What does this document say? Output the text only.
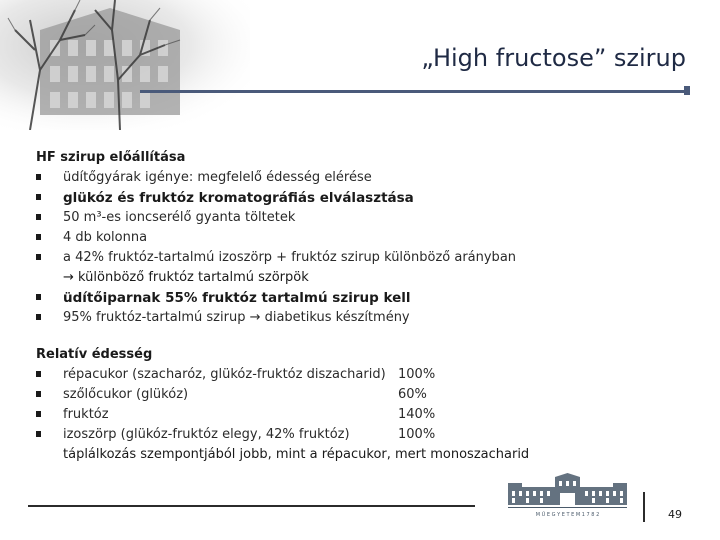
„High fructose” szirup
HF szirup előállítása
üdítőgyárak igénye: megfelelő édesség elérése
glükóz és fruktóz kromatográfiás elválasztása
50 m³-es ioncserélő gyanta töltetek
4 db kolonna
a 42% fruktóz-tartalmú izoszörp + fruktóz szirup különböző arányban
→ különböző fruktóz tartalmú szörpök
üdítőiparnak 55% fruktóz tartalmú szirup kell
95% fruktóz-tartalmú szirup → diabetikus készítmény
Relatív édesség
répacukor (szacharóz, glükóz-fruktóz diszacharid) 100%
szőlőcukor (glükóz)	60%
fruktóz	140%
izoszörp (glükóz-fruktóz elegy, 42% fruktóz)	100%
táplálkozás szempontjából jobb, mint a répacukor, mert monoszacharid
M Ű E G Y E T E M 1 7 8 2	49
